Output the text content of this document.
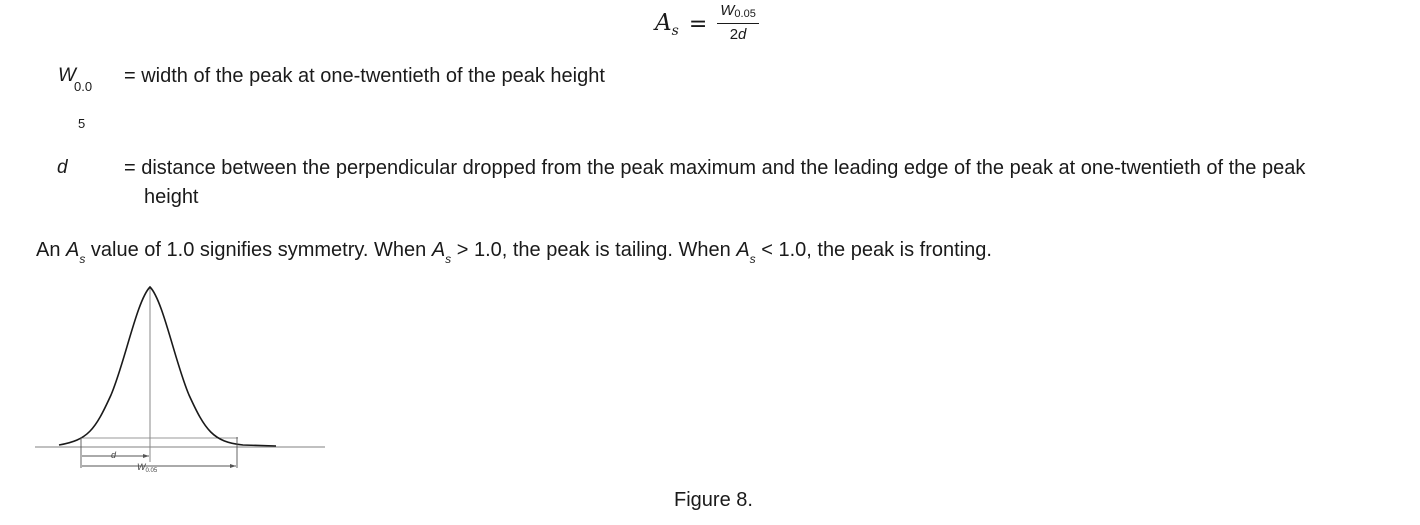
$A_s = \frac{W_{0.05}}{2d}$
W
0.0
5
= width of the peak at one-twentieth of the peak height
d	= distance between the perpendicular dropped from the peak maximum and the leading edge of the peak at one-twentieth of the peak
height
An $A_s$ value of 1.0 signifies symmetry. When $A_s > 1.0$, the peak is tailing. When $A_s < 1.0$, the peak is fronting.
d
$W_{0.05}$
Figure 8.
